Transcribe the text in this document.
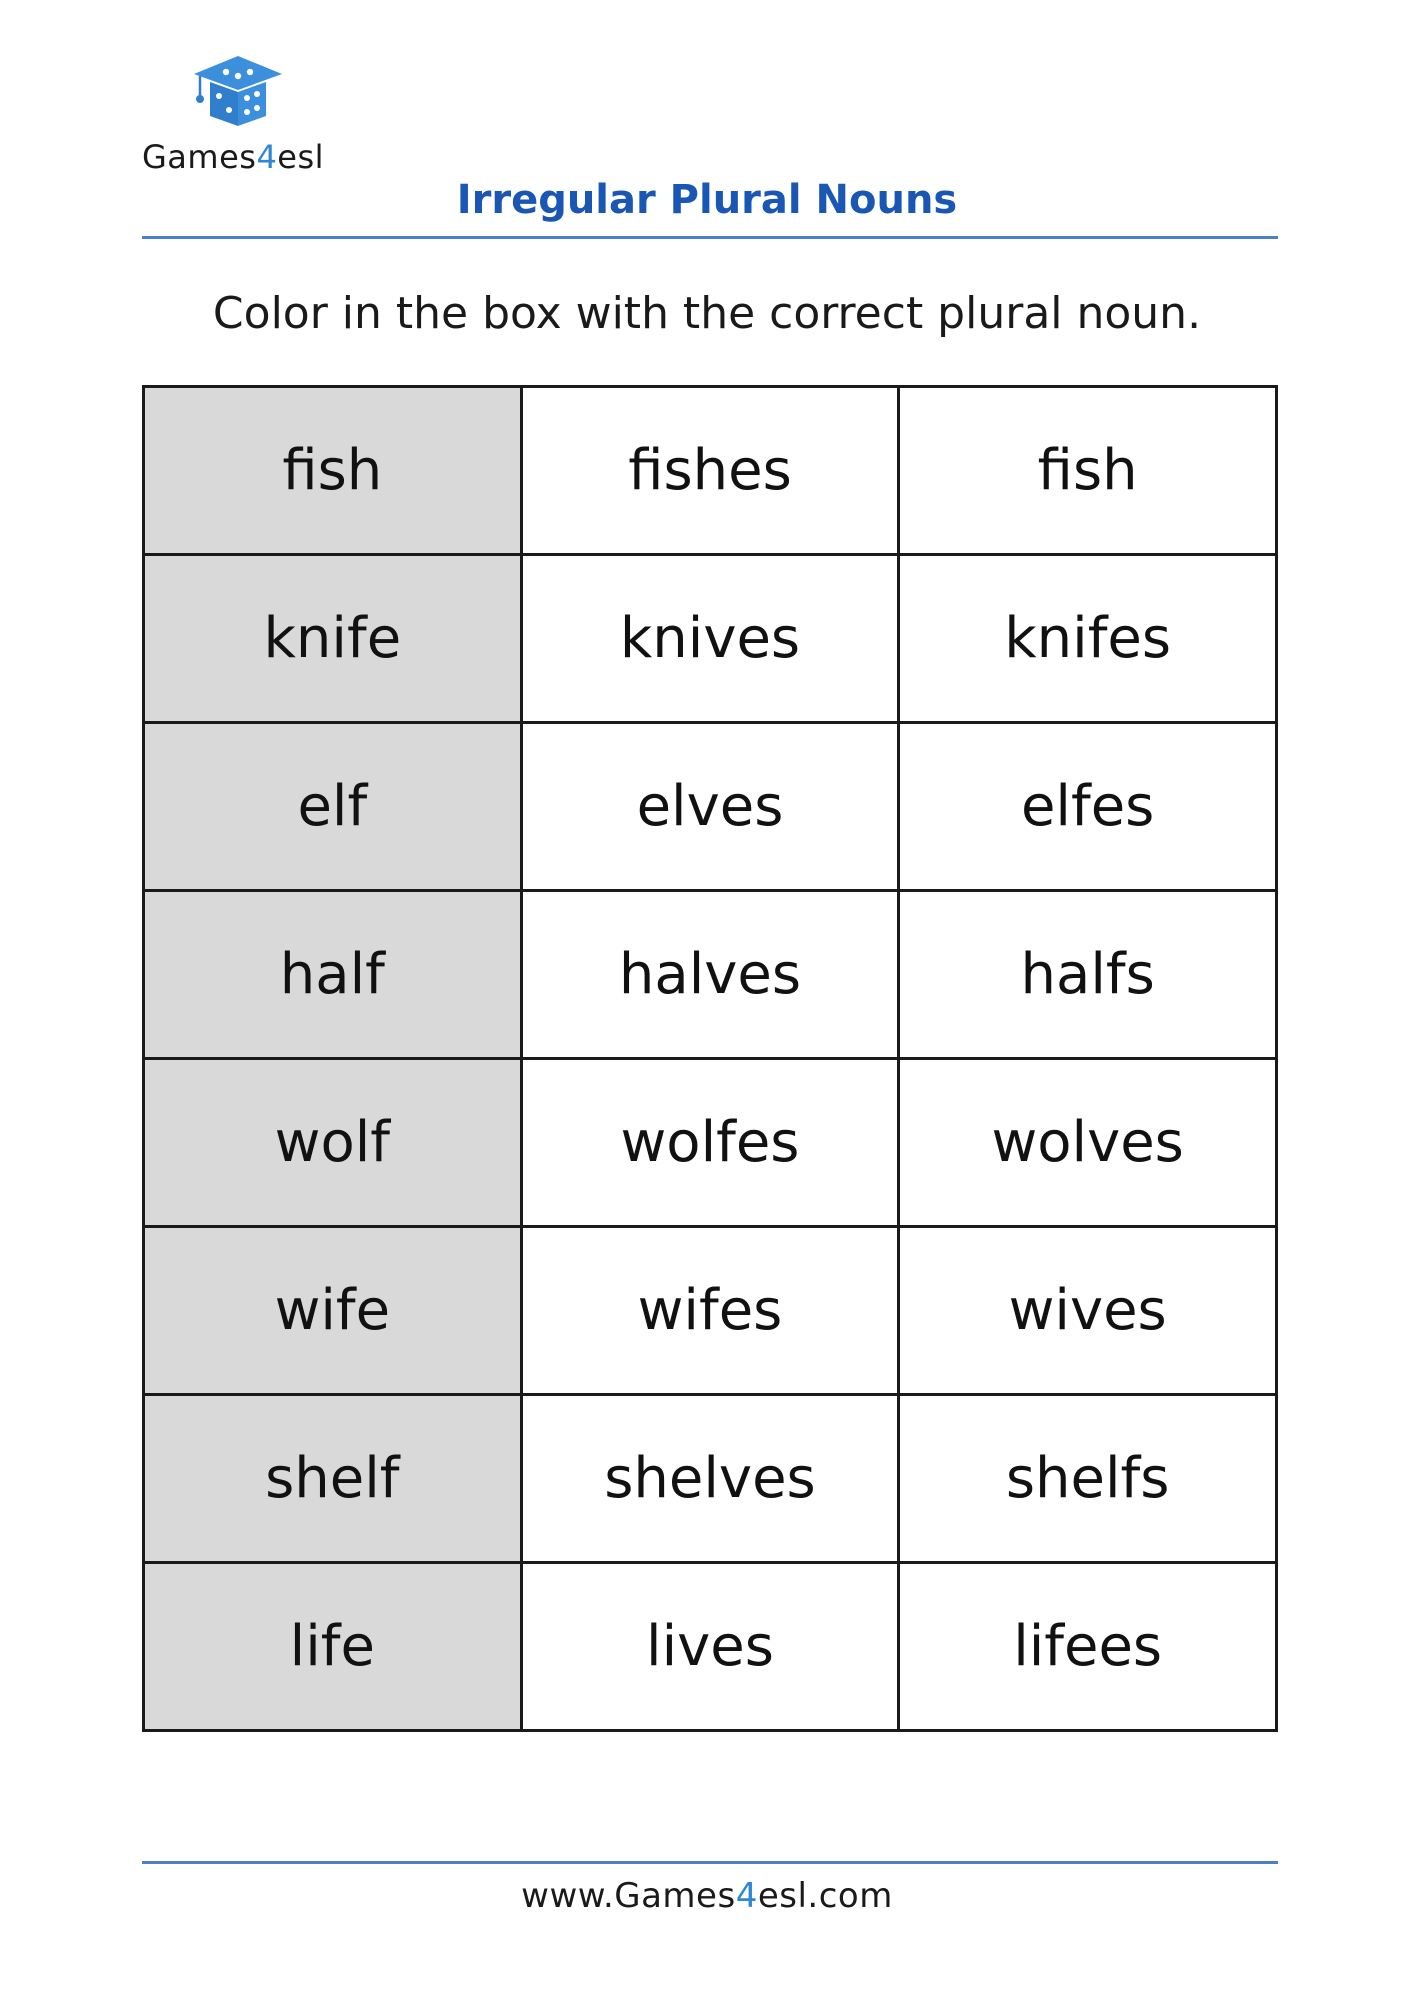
Games4esl
Irregular Plural Nouns
Color in the box with the correct plural noun.
fish	fishes	fish
knife	knives	knifes
elf	elves	elfes
half	halves	halfs
wolf	wolfes	wolves
wife	wifes	wives
shelf	shelves	shelfs
life	lives	lifees
www.Games4esl.com
